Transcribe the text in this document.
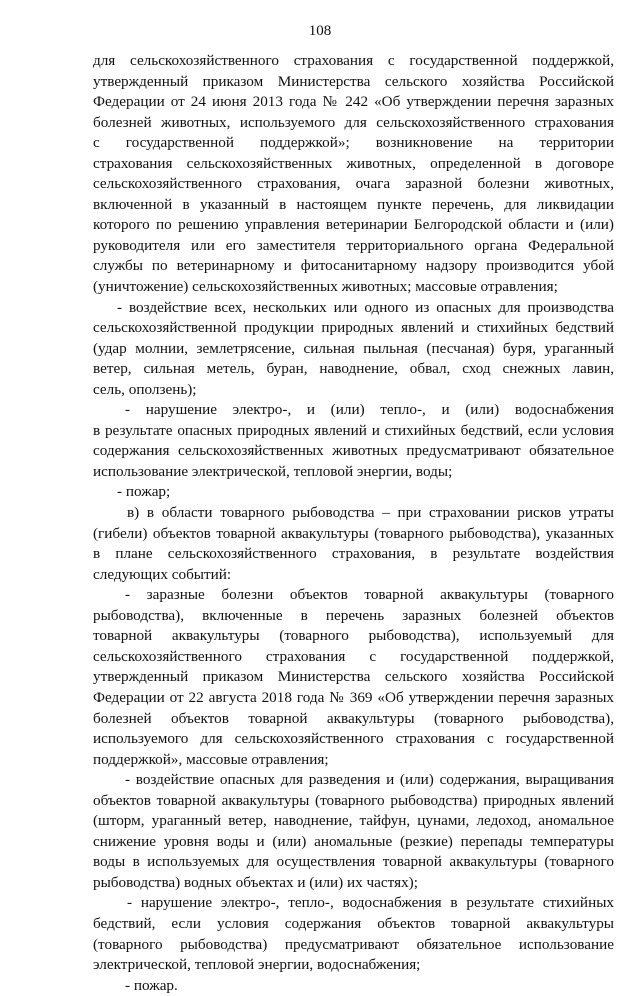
108
для сельскохозяйственного страхования с государственной поддержкой,
утвержденный приказом Министерства сельского хозяйства Российской
Федерации от 24 июня 2013 года № 242 «Об утверждении перечня заразных
болезней животных, используемого для сельскохозяйственного страхования
с государственной поддержкой»; возникновение на территории
страхования сельскохозяйственных животных, определенной в договоре
сельскохозяйственного страхования, очага заразной болезни животных,
включенной в указанный в настоящем пункте перечень, для ликвидации
которого по решению управления ветеринарии Белгородской области и (или)
руководителя или его заместителя территориального органа Федеральной
службы по ветеринарному и фитосанитарному надзору производится убой
(уничтожение) сельскохозяйственных животных; массовые отравления;
- воздействие всех, нескольких или одного из опасных для производства
сельскохозяйственной продукции природных явлений и стихийных бедствий
(удар молнии, землетрясение, сильная пыльная (песчаная) буря, ураганный
ветер, сильная метель, буран, наводнение, обвал, сход снежных лавин,
сель, оползень);
- нарушение электро-, и (или) тепло-, и (или) водоснабжения
в результате опасных природных явлений и стихийных бедствий, если условия
содержания сельскохозяйственных животных предусматривают обязательное
использование электрической, тепловой энергии, воды;
- пожар;
в) в области товарного рыбоводства – при страховании рисков утраты
(гибели) объектов товарной аквакультуры (товарного рыбоводства), указанных
в плане сельскохозяйственного страхования, в результате воздействия
следующих событий:
- заразные болезни объектов товарной аквакультуры (товарного
рыбоводства), включенные в перечень заразных болезней объектов
товарной аквакультуры (товарного рыбоводства), используемый для
сельскохозяйственного страхования с государственной поддержкой,
утвержденный приказом Министерства сельского хозяйства Российской
Федерации от 22 августа 2018 года № 369 «Об утверждении перечня заразных
болезней объектов товарной аквакультуры (товарного рыбоводства),
используемого для сельскохозяйственного страхования с государственной
поддержкой», массовые отравления;
- воздействие опасных для разведения и (или) содержания, выращивания
объектов товарной аквакультуры (товарного рыбоводства) природных явлений
(шторм, ураганный ветер, наводнение, тайфун, цунами, ледоход, аномальное
снижение уровня воды и (или) аномальные (резкие) перепады температуры
воды в используемых для осуществления товарной аквакультуры (товарного
рыбоводства) водных объектах и (или) их частях);
- нарушение электро-, тепло-, водоснабжения в результате стихийных
бедствий, если условия содержания объектов товарной аквакультуры
(товарного рыбоводства) предусматривают обязательное использование
электрической, тепловой энергии, водоснабжения;
- пожар.
